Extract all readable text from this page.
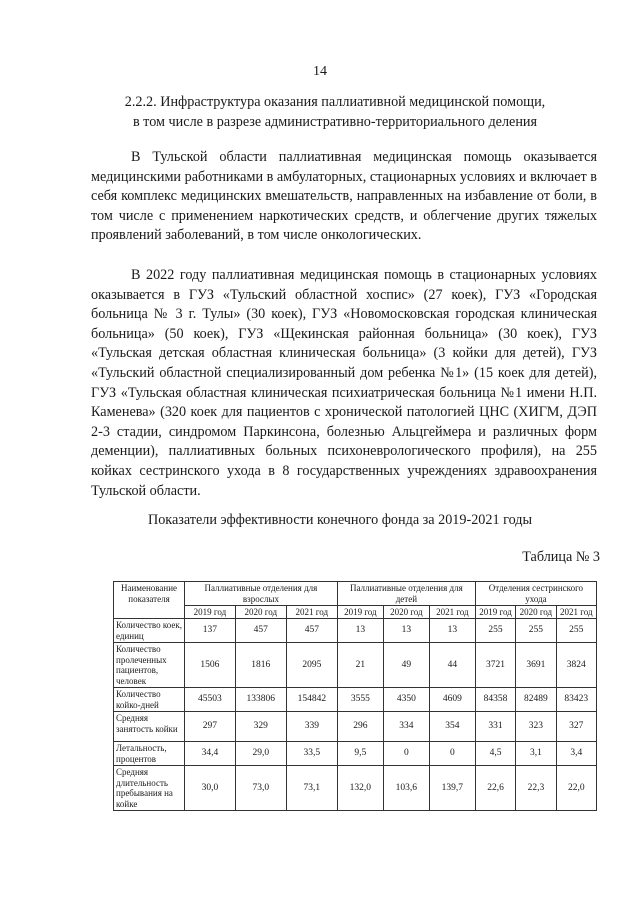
14
2.2.2. Инфраструктура оказания паллиативной медицинской помощи,
в том числе в разрезе административно-территориального деления

В Тульской области паллиативная медицинская помощь оказывается медицинскими работниками в амбулаторных, стационарных условиях и включает в себя комплекс медицинских вмешательств, направленных на избавление от боли, в том числе с применением наркотических средств, и облегчение других тяжелых проявлений заболеваний, в том числе онкологических.

В 2022 году паллиативная медицинская помощь в стационарных условиях оказывается в ГУЗ «Тульский областной хоспис» (27 коек), ГУЗ «Городская больница № 3 г. Тулы» (30 коек), ГУЗ «Новомосковская городская клиническая больница» (50 коек), ГУЗ «Щекинская районная больница» (30 коек), ГУЗ «Тульская детская областная клиническая больница» (3 койки для детей), ГУЗ «Тульский областной специализированный дом ребенка №1» (15 коек для детей), ГУЗ «Тульская областная клиническая психиатрическая больница №1 имени Н.П. Каменева» (320 коек для пациентов с хронической патологией ЦНС (ХИГМ, ДЭП 2-3 стадии, синдромом Паркинсона, болезнью Альцгеймера и различных форм деменции), паллиативных больных психоневрологического профиля), на 255 койках сестринского ухода в 8 государственных учреждениях здравоохранения Тульской области.

Показатели эффективности конечного фонда за 2019-2021 годы
Таблица № 3
Наименование показателя	Паллиативные отделения для взрослых			Паллиативные отделения для детей			Отделения сестринского ухода		
	2019 год	2020 год	2021 год	2019 год	2020 год	2021 год	2019 год	2020 год	2021 год
Количество коек, единиц	137	457	457	13	13	13	255	255	255
Количество пролеченных пациентов, человек	1506	1816	2095	21	49	44	3721	3691	3824
Количество койко-дней	45503	133806	154842	3555	4350	4609	84358	82489	83423
Средняя занятость койки	297	329	339	296	334	354	331	323	327
Летальность, процентов	34,4	29,0	33,5	9,5	0	0	4,5	3,1	3,4
Средняя длительность пребывания на койке	30,0	73,0	73,1	132,0	103,6	139,7	22,6	22,3	22,0
